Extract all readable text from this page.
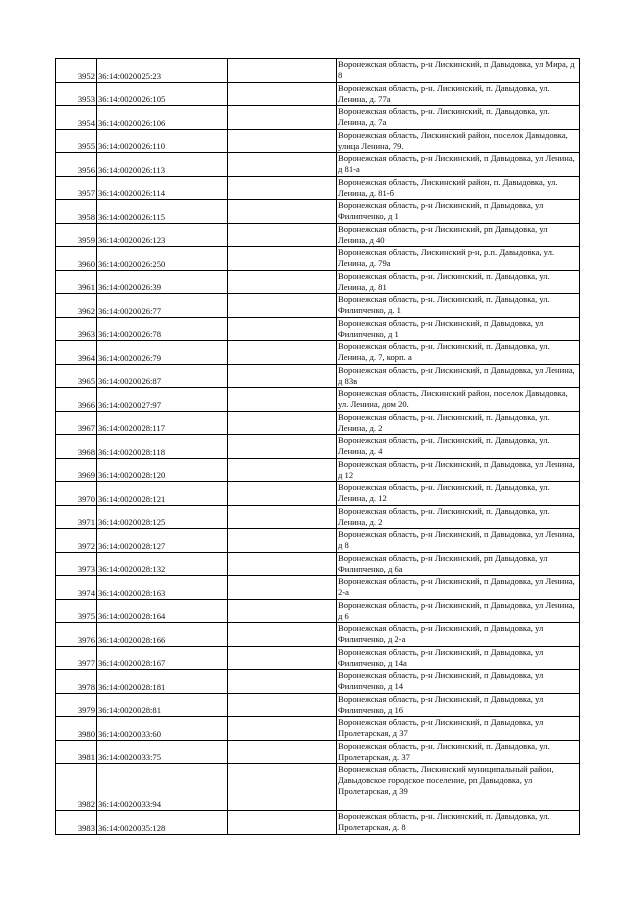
3952	36:14:0020025:23		Воронежская область, р-н Лискинский, п Давыдовка, ул Мира, д 8
3953	36:14:0020026:105		Воронежская область, р-н. Лискинский, п. Давыдовка, ул. Ленина, д. 77а
3954	36:14:0020026:106		Воронежская область, р-н. Лискинский, п. Давыдовка, ул. Ленина, д. 7а
3955	36:14:0020026:110		Воронежская область, Лискинский район, поселок Давыдовка, улица Ленина, 79.
3956	36:14:0020026:113		Воронежская область, р-н Лискинский, п Давыдовка, ул Ленина, д 81-а
3957	36:14:0020026:114		Воронежская область, Лискинский район, п. Давыдовка, ул. Ленина, д. 81-б
3958	36:14:0020026:115		Воронежская область, р-н Лискинский, п Давыдовка, ул Филипченко, д 1
3959	36:14:0020026:123		Воронежская область, р-н Лискинский, рп Давыдовка, ул Ленина, д 40
3960	36:14:0020026:250		Воронежская область, Лискинский р-н, р.п. Давыдовка, ул. Ленина, д. 79а
3961	36:14:0020026:39		Воронежская область, р-н. Лискинский, п. Давыдовка, ул. Ленина, д. 81
3962	36:14:0020026:77		Воронежская область, р-н. Лискинский, п. Давыдовка, ул. Филипченко, д. 1
3963	36:14:0020026:78		Воронежская область, р-н Лискинский, п Давыдовка, ул Филипченко, д 1
3964	36:14:0020026:79		Воронежская область, р-н. Лискинский, п. Давыдовка, ул. Ленина, д. 7, корп. а
3965	36:14:0020026:87		Воронежская область, р-н Лискинский, п Давыдовка, ул Ленина, д 83в
3966	36:14:0020027:97		Воронежская область, Лискинский район, поселок Давыдовка, ул. Ленина, дом 20.
3967	36:14:0020028:117		Воронежская область, р-н. Лискинский, п. Давыдовка, ул. Ленина, д. 2
3968	36:14:0020028:118		Воронежская область, р-н. Лискинский, п. Давыдовка, ул. Ленина, д. 4
3969	36:14:0020028:120		Воронежская область, р-н Лискинский, п Давыдовка, ул Ленина, д 12
3970	36:14:0020028:121		Воронежская область, р-н. Лискинский, п. Давыдовка, ул. Ленина, д. 12
3971	36:14:0020028:125		Воронежская область, р-н. Лискинский, п. Давыдовка, ул. Ленина, д. 2
3972	36:14:0020028:127		Воронежская область, р-н Лискинский, п Давыдовка, ул Ленина, д 8
3973	36:14:0020028:132		Воронежская область, р-н Лискинский, рп Давыдовка, ул Филипченко, д 6а
3974	36:14:0020028:163		Воронежская область, р-н Лискинский, п Давыдовка, ул Ленина, 2-а
3975	36:14:0020028:164		Воронежская область, р-н Лискинский, п Давыдовка, ул Ленина, д 6
3976	36:14:0020028:166		Воронежская область, р-н Лискинский, п Давыдовка, ул Филипченко, д 2-а
3977	36:14:0020028:167		Воронежская область, р-н Лискинский, п Давыдовка, ул Филипченко, д 14а
3978	36:14:0020028:181		Воронежская область, р-н Лискинский, п Давыдовка, ул Филипченко, д 14
3979	36:14:0020028:81		Воронежская область, р-н Лискинский, п Давыдовка, ул Филипченко, д 16
3980	36:14:0020033:60		Воронежская область, р-н Лискинский, п Давыдовка, ул Пролетарская, д 37
3981	36:14:0020033:75		Воронежская область, р-н. Лискинский, п. Давыдовка, ул. Пролетарская, д. 37
3982	36:14:0020033:94		Воронежская область, Лискинский муниципальный район, Давыдовское городское поселение, рп Давыдовка, ул Пролетарская, д 39
3983	36:14:0020035:128		Воронежская область, р-н. Лискинский, п. Давыдовка, ул. Пролетарская, д. 8
